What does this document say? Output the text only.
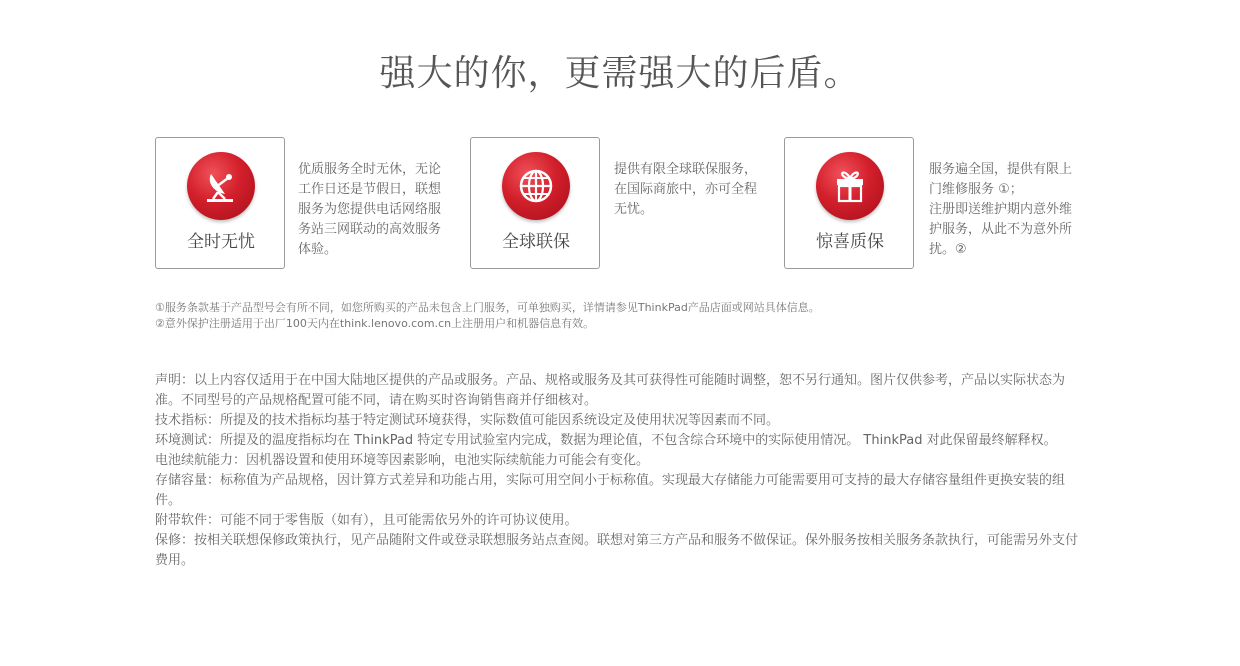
强大的你，更需强大的后盾。
全时无忧

优质服务全时无休，无论

工作日还是节假日，联想

服务为您提供电话网络服

务站三网联动的高效服务

体验。	全球联保

提供有限全球联保服务，

在国际商旅中，亦可全程

无忧。

惊喜质保

服务遍全国，提供有限上

门维修服务 ①；

注册即送维护期内意外维

护服务，从此不为意外所

扰。②

①服务条款基于产品型号会有所不同，如您所购买的产品未包含上门服务，可单独购买，详情请参见ThinkPad产品店面或网站具体信息。

②意外保护注册适用于出厂100天内在think.lenovo.com.cn上注册用户和机器信息有效。

声明：以上内容仅适用于在中国大陆地区提供的产品或服务。产品、规格或服务及其可获得性可能随时调整，恕不另行通知。图片仅供参考，产品以实际状态为准。不同型号的产品规格配置可能不同，请在购买时咨询销售商并仔细核对。

技术指标：所提及的技术指标均基于特定测试环境获得，实际数值可能因系统设定及使用状况等因素而不同。

环境测试：所提及的温度指标均在 ThinkPad 特定专用试验室内完成，数据为理论值，不包含综合环境中的实际使用情况。 ThinkPad 对此保留最终解释权。

电池续航能力：因机器设置和使用环境等因素影响，电池实际续航能力可能会有变化。

存储容量：标称值为产品规格，因计算方式差异和功能占用，实际可用空间小于标称值。实现最大存储能力可能需要用可支持的最大存储容量组件更换安装的组件。

附带软件：可能不同于零售版（如有），且可能需依另外的许可协议使用。

保修：按相关联想保修政策执行，见产品随附文件或登录联想服务站点查阅。联想对第三方产品和服务不做保证。保外服务按相关服务条款执行，可能需另外支付费用。
